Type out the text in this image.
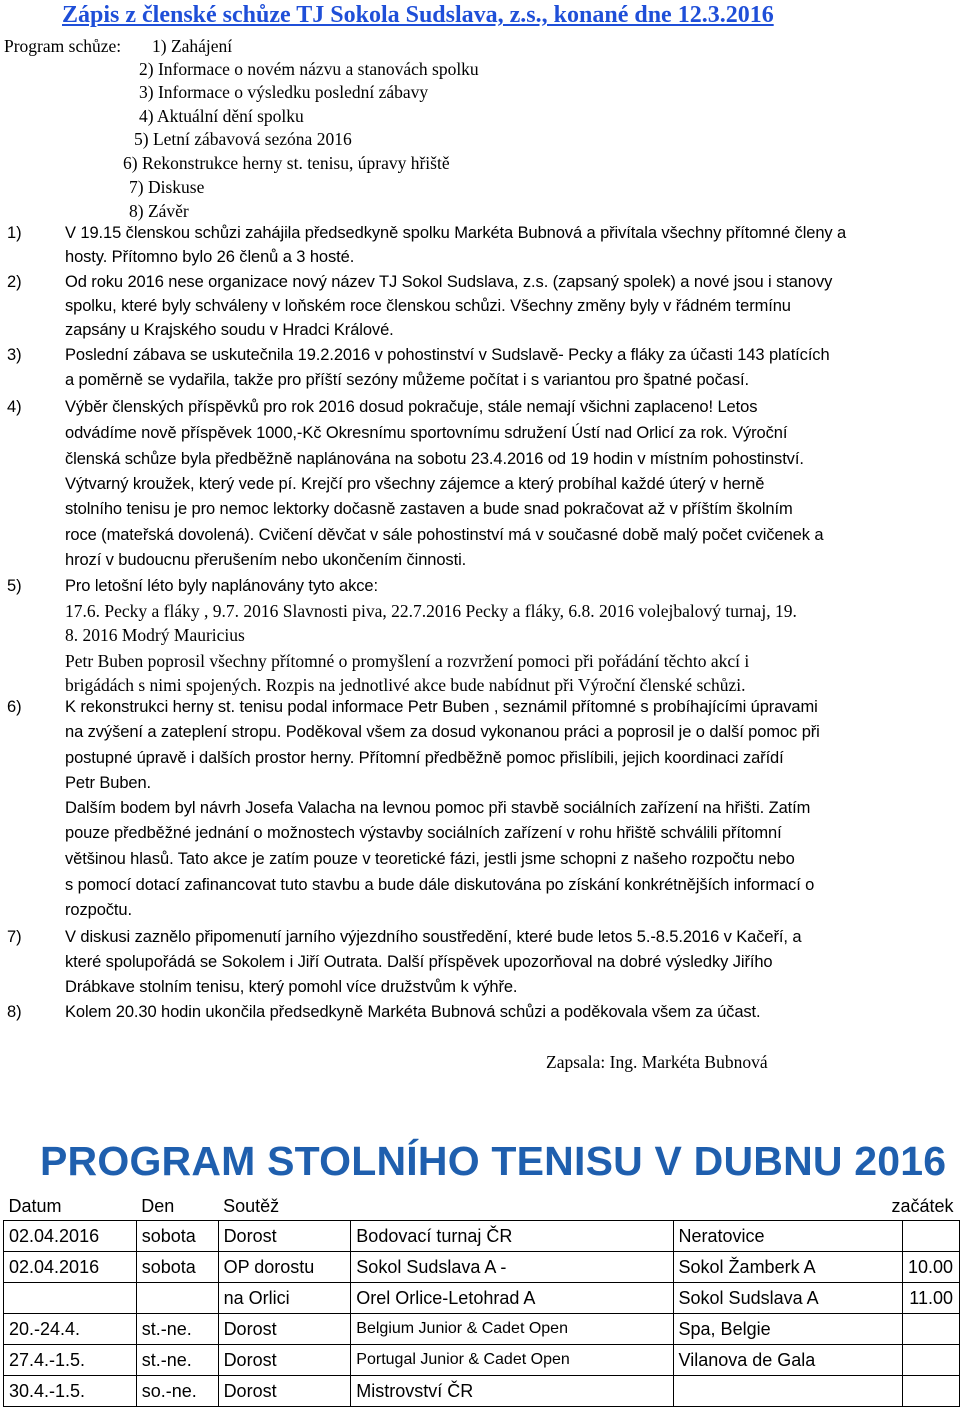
Zápis z členské schůze TJ Sokola Sudslava, z.s., konané dne 12.3.2016
Program schůze: 1) Zahájení
2) Informace o novém názvu a stanovách spolku
3) Informace o výsledku poslední zábavy
4) Aktuální dění spolku
5) Letní zábavová sezóna 2016
6) Rekonstrukce herny st. tenisu, úpravy hřiště
7) Diskuse
8) Závěr
1)	V 19.15 členskou schůzi zahájila předsedkyně spolku Markéta Bubnová a přivítala všechny přítomné členy a
hosty. Přítomno bylo 26 členů a 3 hosté.
2)	Od roku 2016 nese organizace nový název TJ Sokol Sudslava, z.s. (zapsaný spolek) a nové jsou i stanovy
spolku, které byly schváleny v loňském roce členskou schůzi. Všechny změny byly v řádném termínu
zapsány u Krajského soudu v Hradci Králové.
3)	Poslední zábava se uskutečnila 19.2.2016 v pohostinství v Sudslavě- Pecky a fláky za účasti 143 platících
a poměrně se vydařila, takže pro příští sezóny můžeme počítat i s variantou pro špatné počasí.
4)	Výběr členských příspěvků pro rok 2016 dosud pokračuje, stále nemají všichni zaplaceno! Letos
odvádíme nově příspěvek 1000,-Kč Okresnímu sportovnímu sdružení Ústí nad Orlicí za rok. Výroční
členská schůze byla předběžně naplánována na sobotu 23.4.2016 od 19 hodin v místním pohostinství.
Výtvarný kroužek, který vede pí. Krejčí pro všechny zájemce a který probíhal každé úterý v herně
stolního tenisu je pro nemoc lektorky dočasně zastaven a bude snad pokračovat až v příštím školním
roce (mateřská dovolená). Cvičení děvčat v sále pohostinství má v současné době malý počet cvičenek a
hrozí v budoucnu přerušením nebo ukončením činnosti.
5)	Pro letošní léto byly naplánovány tyto akce:
17.6. Pecky a fláky , 9.7. 2016 Slavnosti piva, 22.7.2016 Pecky a fláky, 6.8. 2016 volejbalový turnaj, 19.
8. 2016 Modrý Mauricius
Petr Buben poprosil všechny přítomné o promyšlení a rozvržení pomoci při pořádání těchto akcí i
brigádách s nimi spojených. Rozpis na jednotlivé akce bude nabídnut při Výroční členské schůzi.
6)	K rekonstrukci herny st. tenisu podal informace Petr Buben , seznámil přítomné s probíhajícími úpravami
na zvýšení a zateplení stropu. Poděkoval všem za dosud vykonanou práci a poprosil je o další pomoc při
postupné úpravě i dalších prostor herny. Přítomní předběžně pomoc přislíbili, jejich koordinaci zařídí
Petr Buben.
Dalším bodem byl návrh Josefa Valacha na levnou pomoc při stavbě sociálních zařízení na hřišti. Zatím
pouze předběžné jednání o možnostech výstavby sociálních zařízení v rohu hřiště schválili přítomní
většinou hlasů. Tato akce je zatím pouze v teoretické fázi, jestli jsme schopni z našeho rozpočtu nebo
s pomocí dotací zafinancovat tuto stavbu a bude dále diskutována po získání konkrétnějších informací o
rozpočtu.
7)	V diskusi zaznělo připomenutí jarního výjezdního soustředění, které bude letos 5.-8.5.2016 v Kačeří, a
které spolupořádá se Sokolem i Jiří Outrata. Další příspěvek upozorňoval na dobré výsledky Jiřího
Drábkave stolním tenisu, který pomohl více družstvům k výhře.
8)	Kolem 20.30 hodin ukončila předsedkyně Markéta Bubnová schůzi a poděkovala všem za účast.
Zapsala: Ing. Markéta Bubnová
PROGRAM STOLNÍHO TENISU V DUBNU 2016
Datum	Den	Soutěž		začátek	
02.04.2016	sobota	Dorost	Bodovací turnaj ČR	Neratovice	
02.04.2016	sobota	OP dorostu	Sokol Sudslava A -	Sokol Žamberk A	10.00
		na Orlici	Orel Orlice-Letohrad A	Sokol Sudslava A	11.00
20.-24.4.	st.-ne.	Dorost	Belgium Junior & Cadet Open	Spa, Belgie	
27.4.-1.5.	st.-ne.	Dorost	Portugal Junior & Cadet Open	Vilanova de Gala	
30.4.-1.5.	so.-ne.	Dorost	Mistrovství ČR		
